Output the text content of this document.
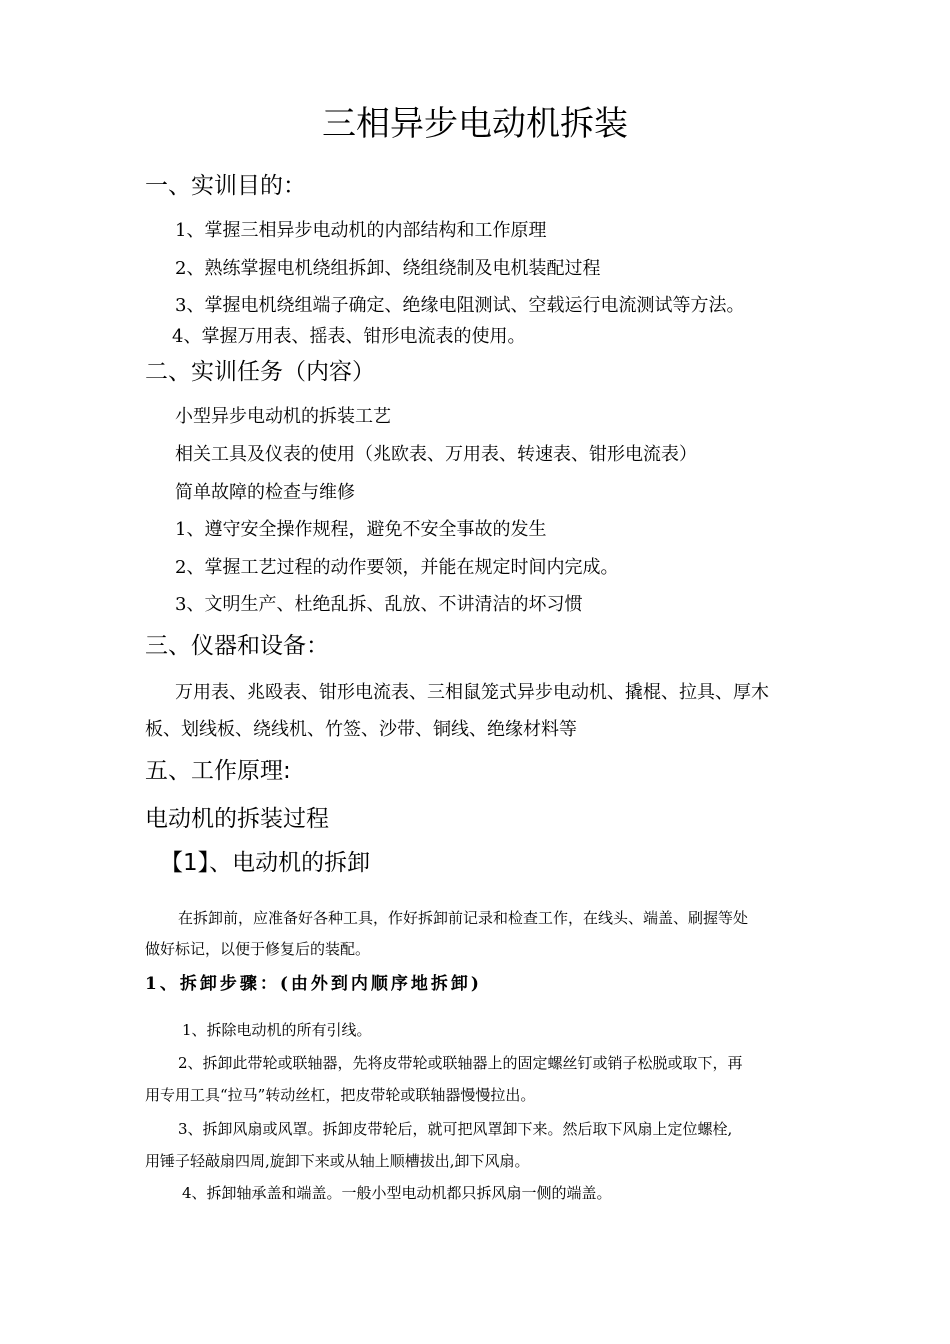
三相异步电动机拆装
一、实训目的：
1、掌握三相异步电动机的内部结构和工作原理
2、熟练掌握电机绕组拆卸、绕组绕制及电机装配过程
3、掌握电机绕组端子确定、绝缘电阻测试、空载运行电流测试等方法。
4、掌握万用表、摇表、钳形电流表的使用。
二、实训任务（内容）
小型异步电动机的拆装工艺
相关工具及仪表的使用（兆欧表、万用表、转速表、钳形电流表）
简单故障的检查与维修
1、遵守安全操作规程，避免不安全事故的发生
2、掌握工艺过程的动作要领，并能在规定时间内完成。
3、文明生产、杜绝乱拆、乱放、不讲清洁的坏习惯
三、仪器和设备：
万用表、兆殴表、钳形电流表、三相鼠笼式异步电动机、撬棍、拉具、厚木
板、划线板、绕线机、竹签、沙带、铜线、绝缘材料等
五、工作原理:
电动机的拆装过程
【1】、电动机的拆卸
在拆卸前，应准备好各种工具，作好拆卸前记录和检查工作，在线头、端盖、刷握等处
做好标记，以便于修复后的装配。
1、拆卸步骤：(由外到内顺序地拆卸)
1、拆除电动机的所有引线。
2、拆卸此带轮或联轴器，先将皮带轮或联轴器上的固定螺丝钉或销子松脱或取下，再
用专用工具“拉马”转动丝杠，把皮带轮或联轴器慢慢拉出。
3、拆卸风扇或风罩。拆卸皮带轮后，就可把风罩卸下来。然后取下风扇上定位螺栓,
用锤子轻敲扇四周,旋卸下来或从轴上顺槽拔出,卸下风扇。
4、拆卸轴承盖和端盖。一般小型电动机都只拆风扇一侧的端盖。
